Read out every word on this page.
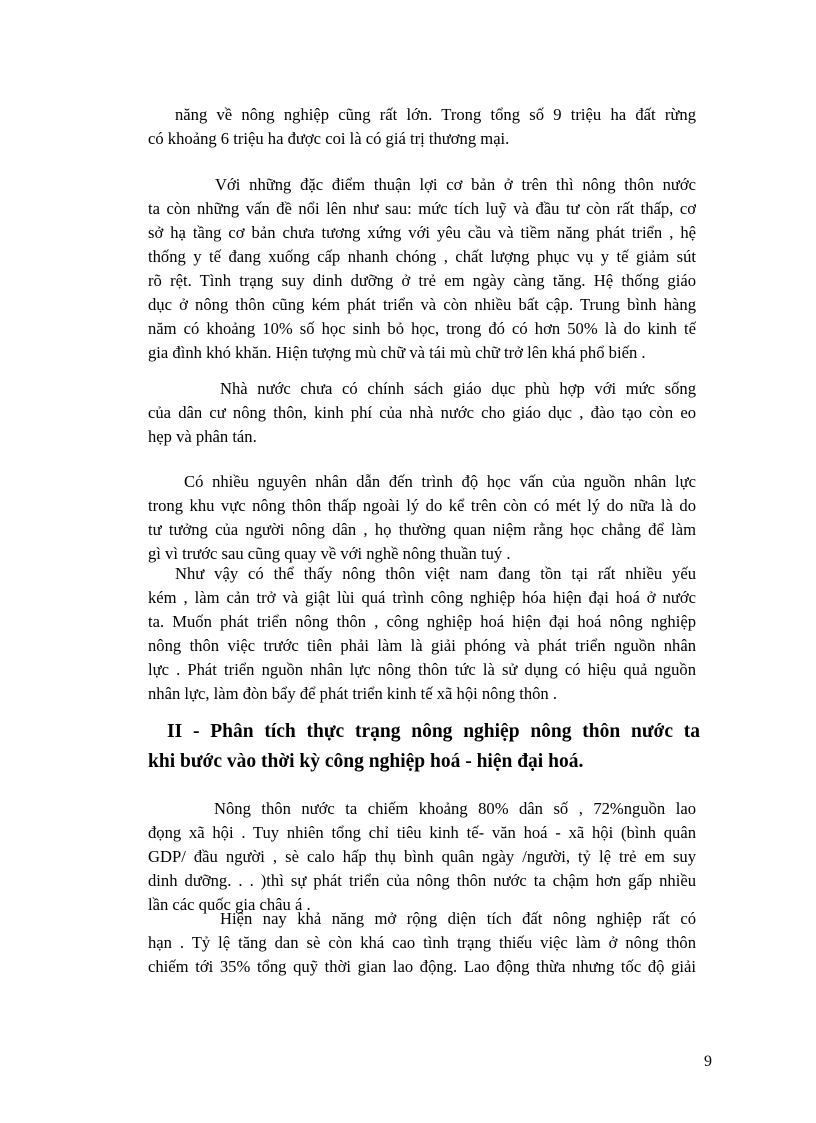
năng về nông nghiệp cũng rất lớn. Trong tổng số 9 triệu ha đất rừng
có khoảng 6 triệu ha được coi là có giá trị thương mại.
Với những đặc điểm thuận lợi cơ bản ở trên thì nông thôn nước
ta còn những vấn đề nổi lên như sau: mức tích luỹ và đầu tư còn rất thấp, cơ
sở hạ tầng cơ bản chưa tương xứng với yêu cầu và tiềm năng phát triển , hệ
thống y tế đang xuống cấp nhanh chóng , chất lượng phục vụ y tế giảm sút
rõ rệt. Tình trạng suy dinh dưỡng ở trẻ em ngày càng tăng. Hệ thống giáo
dục ở nông thôn cũng kém phát triển và còn nhiều bất cập. Trung bình hàng
năm có khoảng 10% số học sinh bỏ học, trong đó có hơn 50% là do kinh tế
gia đình khó khăn. Hiện tượng mù chữ và tái mù chữ trở lên khá phổ biến .
Nhà nước chưa có chính sách giáo dục phù hợp với mức sống
của dân cư nông thôn, kinh phí của nhà nước cho giáo dục , đào tạo còn eo
hẹp và phân tán.
Có nhiều nguyên nhân dẫn đến trình độ học vấn của nguồn nhân lực
trong khu vực nông thôn thấp ngoài lý do kể trên còn có mét lý do nữa là do
tư tưởng của người nông dân , họ thường quan niệm rằng học chẳng để làm
gì vì trước sau cũng quay về với nghề nông thuần tuý .
Như vậy có thể thấy nông thôn việt nam đang tồn tại rất nhiều yếu
kém , làm cản trở và giật lùi quá trình công nghiệp hóa hiện đại hoá ở nước
ta. Muốn phát triển nông thôn , công nghiệp hoá hiện đại hoá nông nghiệp
nông thôn việc trước tiên phải làm là giải phóng và phát triển nguồn nhân
lực . Phát triển nguồn nhân lực nông thôn tức là sử dụng có hiệu quả nguồn
nhân lực, làm đòn bẩy để phát triển kinh tế xã hội nông thôn .
II - Phân tích thực trạng nông nghiệp nông thôn nước ta
khi bước vào thời kỳ công nghiệp hoá - hiện đại hoá.
Nông thôn nước ta chiếm khoảng 80% dân số , 72%nguồn lao
đọng xã hội . Tuy nhiên tổng chỉ tiêu kinh tế- văn hoá - xã hội (bình quân
GDP/ đầu người , sè calo hấp thụ bình quân ngày /người, tỷ lệ trẻ em suy
dinh dưỡng. . . )thì sự phát triển của nông thôn nước ta chậm hơn gấp nhiều
lần các quốc gia châu á .
Hiện nay khả năng mở rộng diện tích đất nông nghiệp rất có
hạn . Tỷ lệ tăng dan sè còn khá cao tình trạng thiếu việc làm ở nông thôn
chiếm tới 35% tổng quỹ thời gian lao động. Lao động thừa nhưng tốc độ giải
9
